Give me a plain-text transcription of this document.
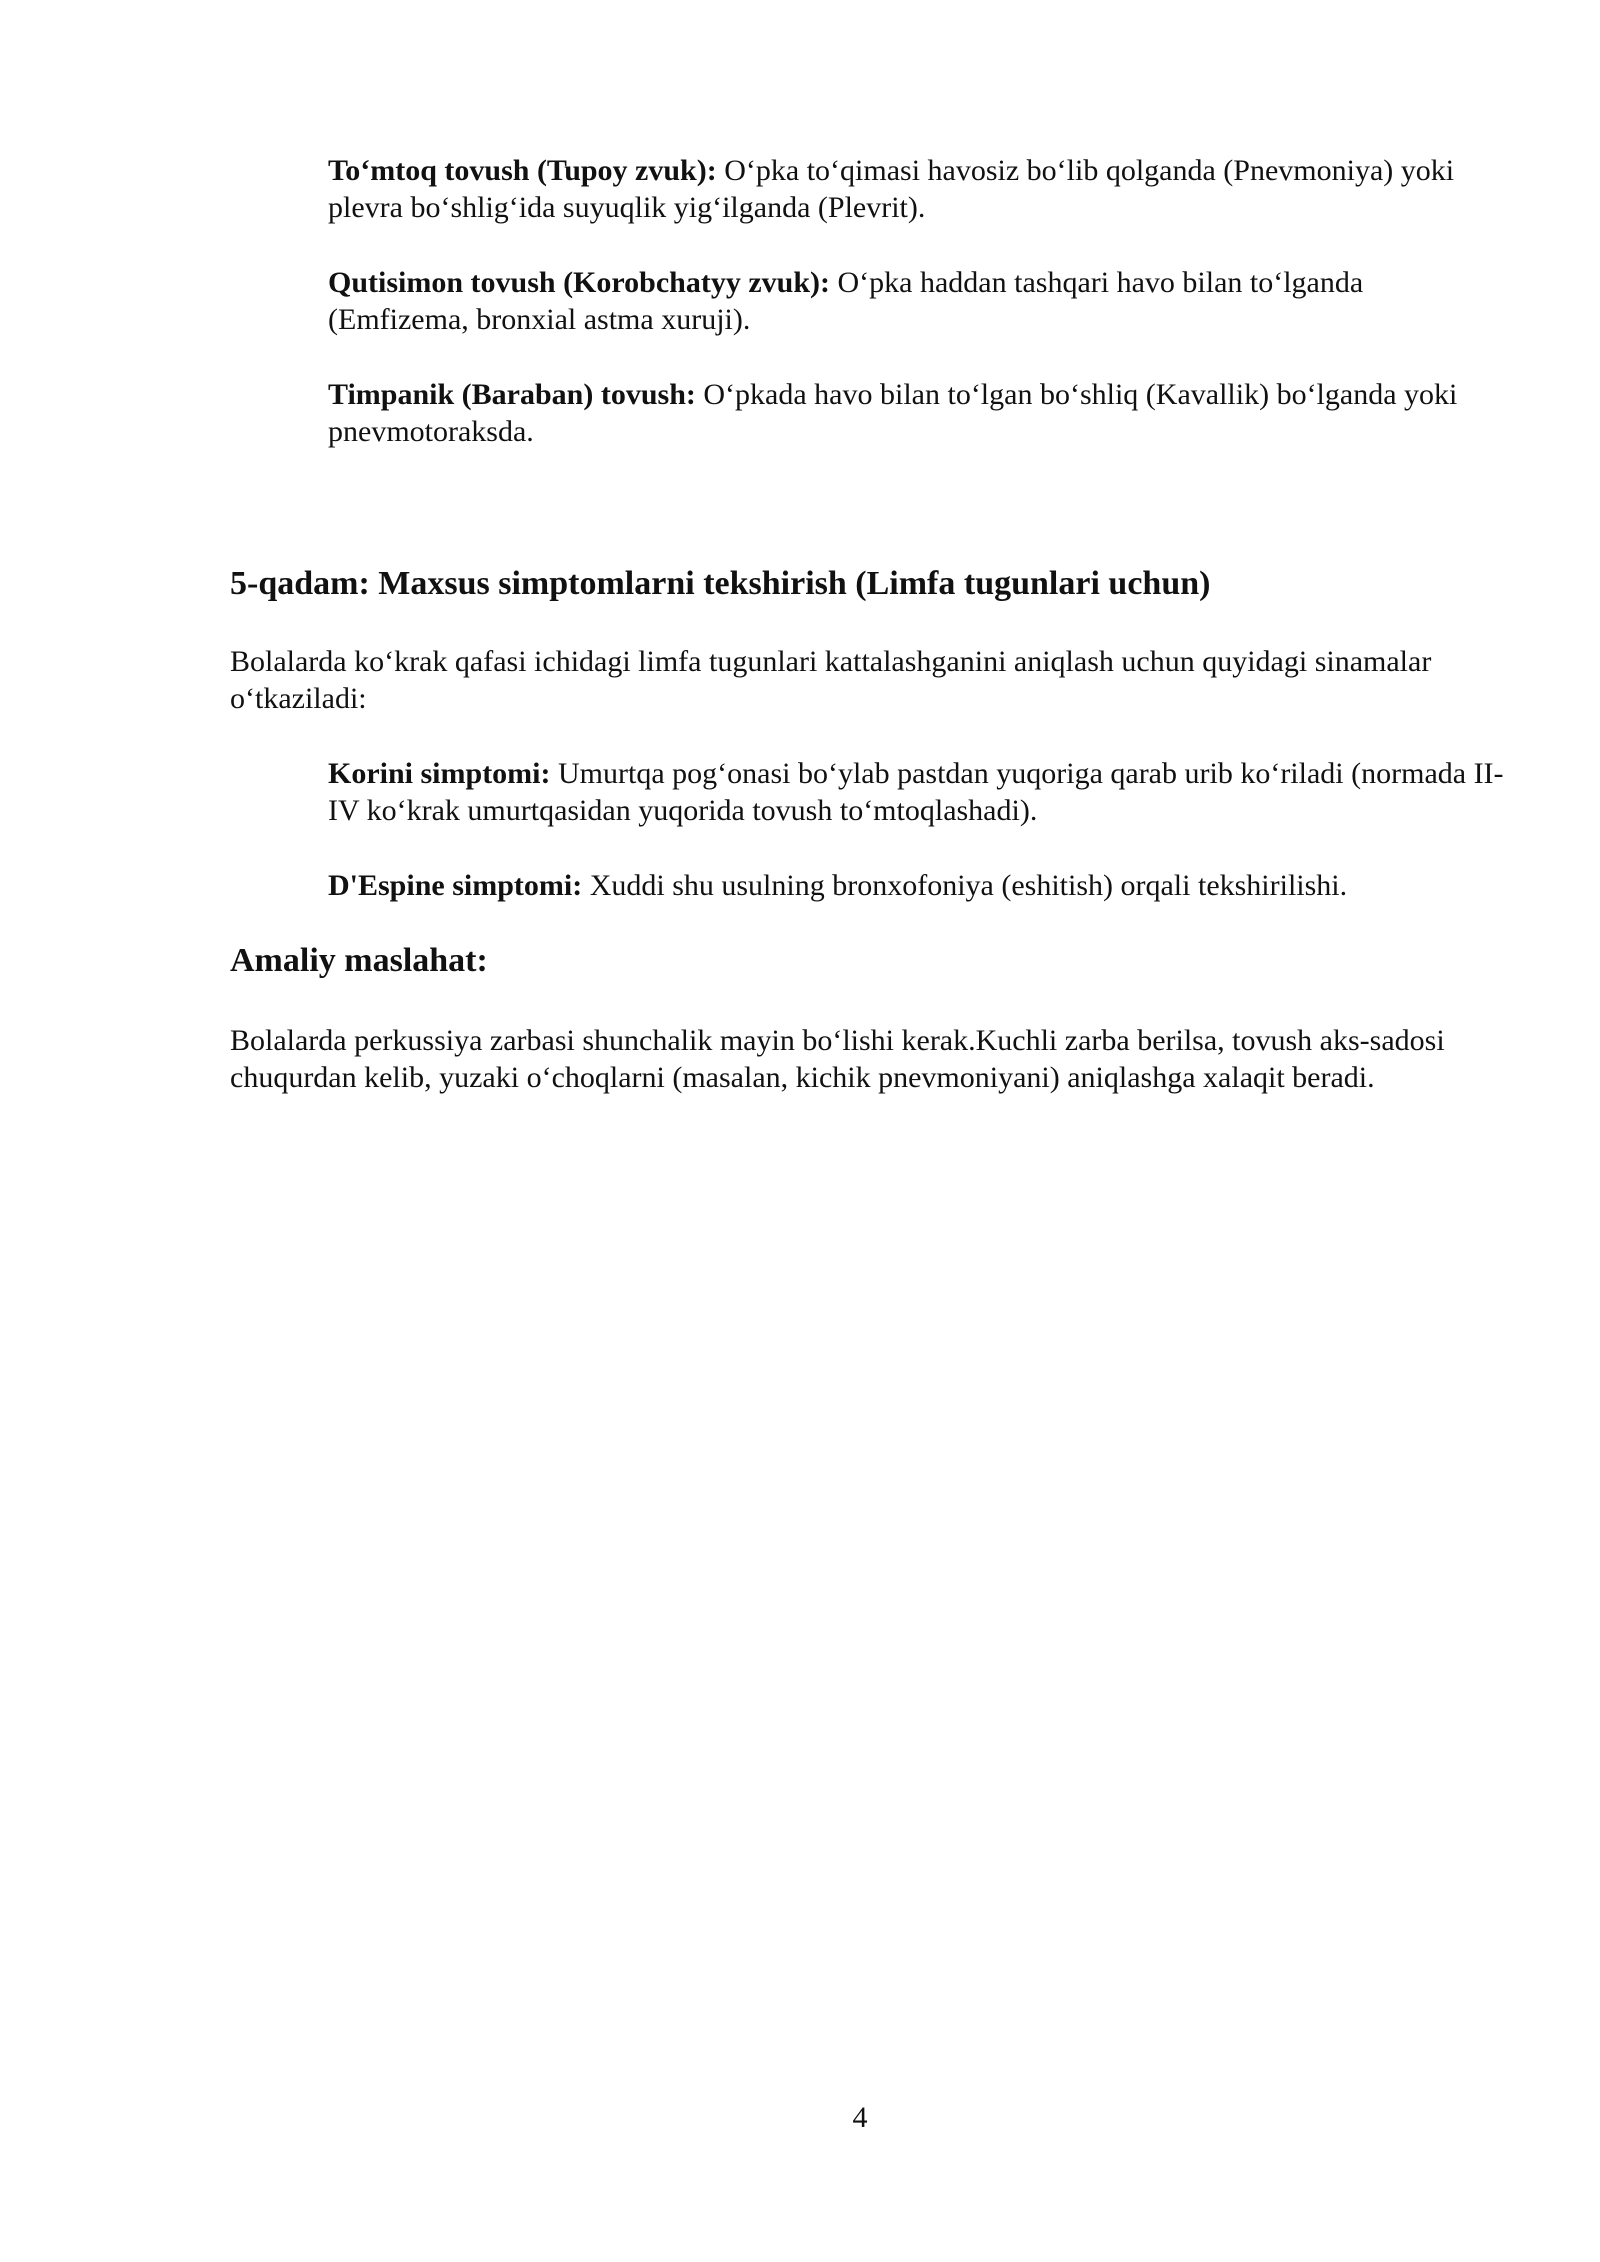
To‘mtoq tovush (Tupoy zvuk): O‘pka to‘qimasi havosiz bo‘lib qolganda (Pnevmoniya) yoki plevra bo‘shlig‘ida suyuqlik yig‘ilganda (Plevrit).

Qutisimon tovush (Korobchatyy zvuk): O‘pka haddan tashqari havo bilan to‘lganda (Emfizema, bronxial astma xuruji).

Timpanik (Baraban) tovush: O‘pkada havo bilan to‘lgan bo‘shliq (Kavallik) bo‘lganda yoki pnevmotoraksda.

5-qadam: Maxsus simptomlarni tekshirish (Limfa tugunlari uchun)

Bolalarda ko‘krak qafasi ichidagi limfa tugunlari kattalashganini aniqlash uchun quyidagi sinamalar o‘tkaziladi:

Korini simptomi: Umurtqa pog‘onasi bo‘ylab pastdan yuqoriga qarab urib ko‘riladi (normada II-IV ko‘krak umurtqasidan yuqorida tovush to‘mtoqlashadi).

D'Espine simptomi: Xuddi shu usulning bronxofoniya (eshitish) orqali tekshirilishi.

Amaliy maslahat:

Bolalarda perkussiya zarbasi shunchalik mayin bo‘lishi kerak.Kuchli zarba berilsa, tovush aks-sadosi chuqurdan kelib, yuzaki o‘choqlarni (masalan, kichik pnevmoniyani) aniqlashga xalaqit beradi.

4
